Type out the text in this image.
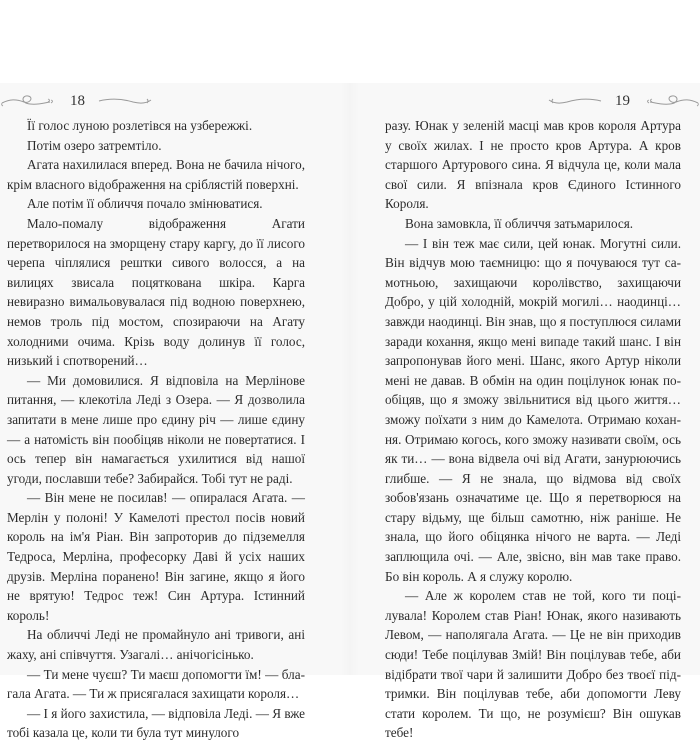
18

Її голос луною розлетівся на узбережжі.

Потім озеро затремтіло.

Агата нахилилася вперед. Вона не бачила нічого, крім власного відображення на сріблястій поверхні.

Але потім її обличчя почало змінюватися.

Мало-помалу відображення Агати перетворилося на зморщену стару каргу, до її лисого черепа чіплялися рештки сивого волосся, а на вилицях звисала поцяткована шкіра. Карга невиразно вимальовувалася під водною поверхнею, немов троль під мостом, спозираючи на Агату холодними очима. Крізь воду долинув її голос, низький і спотворений…

— Ми домовилися. Я відповіла на Мерлінове питання, — клекотіла Леді з Озера. — Я дозволила запитати в мене лише про єдину річ — лише єдину — а натомість він пообіцяв ніколи не повертатися. І ось тепер він намагається ухилитися від нашої угоди, пославши тебе? Забирайся. Тобі тут не раді.

— Він мене не посилав! — опиралася Агата. — Мерлін у полоні! У Камелоті престол посів новий король на ім'я Ріан. Він запроторив до підземелля Тедроса, Мерліна, професорку Даві й усіх наших друзів. Мерліна поранено! Він загине, якщо я його не врятую! Тедрос теж! Син Артура. Істинний король!

На обличчі Леді не промайнуло ані тривоги, ані жаху, ані співчуття. Узагалі… анічогісінько.

— Ти мене чуєш? Ти маєш допомогти їм! — благала Агата. — Ти ж присягалася захищати короля…

— І я його захистила, — відповіла Леді. — Я вже тобі казала це, коли ти була тут минулого

19

разу. Юнак у зеленій масці мав кров короля Артура у своїх жилах. І не просто кров Артура. А кров старшого Артурового сина. Я відчула це, коли мала свої сили. Я впізнала кров Єдиного Істинного Короля.

Вона замовкла, її обличчя затьмарилося.

— І він теж має сили, цей юнак. Могутні сили. Він відчув мою таємницю: що я почуваюся тут самотньою, захищаючи королівство, захищаючи Добро, у цій холодній, мокрій могилі… наодинці… завжди наодинці. Він знав, що я поступлюся силами заради кохання, якщо мені випаде такий шанс. І він запропонував його мені. Шанс, якого Артур ніколи мені не давав. В обмін на один поцілунок юнак пообіцяв, що я зможу звільнитися від цього життя… зможу поїхати з ним до Камелота. Отримаю кохання. Отримаю когось, кого зможу називати своїм, ось як ти… — вона відвела очі від Агати, занурюючись глибше. — Я не знала, що відмова від своїх зобов'язань означатиме це. Що я перетворюся на стару відьму, ще більш самотню, ніж раніше. Не знала, що його обіцянка нічого не варта. — Леді заплющила очі. — Але, звісно, він мав таке право. Бо він король. А я служу королю.

— Але ж королем став не той, кого ти поцілувала! Королем став Ріан! Юнак, якого називають Левом, — наполягала Агата. — Це не він приходив сюди! Тебе поцілував Змій! Він поцілував тебе, аби відібрати твої чари й залишити Добро без твоєї підтримки. Він поцілував тебе, аби допомогти Леву стати королем. Ти що, не розумієш? Він ошукав тебе!
